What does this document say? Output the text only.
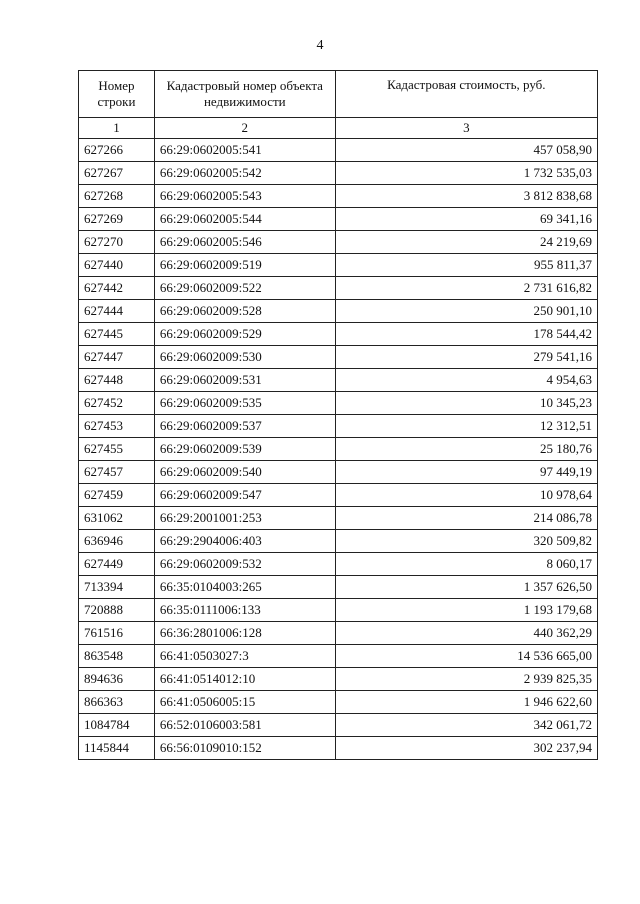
4
Номер строки	Кадастровый номер объекта недвижимости	Кадастровая стоимость, руб.
1	2	3
627266	66:29:0602005:541	457 058,90
627267	66:29:0602005:542	1 732 535,03
627268	66:29:0602005:543	3 812 838,68
627269	66:29:0602005:544	69 341,16
627270	66:29:0602005:546	24 219,69
627440	66:29:0602009:519	955 811,37
627442	66:29:0602009:522	2 731 616,82
627444	66:29:0602009:528	250 901,10
627445	66:29:0602009:529	178 544,42
627447	66:29:0602009:530	279 541,16
627448	66:29:0602009:531	4 954,63
627452	66:29:0602009:535	10 345,23
627453	66:29:0602009:537	12 312,51
627455	66:29:0602009:539	25 180,76
627457	66:29:0602009:540	97 449,19
627459	66:29:0602009:547	10 978,64
631062	66:29:2001001:253	214 086,78
636946	66:29:2904006:403	320 509,82
627449	66:29:0602009:532	8 060,17
713394	66:35:0104003:265	1 357 626,50
720888	66:35:0111006:133	1 193 179,68
761516	66:36:2801006:128	440 362,29
863548	66:41:0503027:3	14 536 665,00
894636	66:41:0514012:10	2 939 825,35
866363	66:41:0506005:15	1 946 622,60
1084784	66:52:0106003:581	342 061,72
1145844	66:56:0109010:152	302 237,94
